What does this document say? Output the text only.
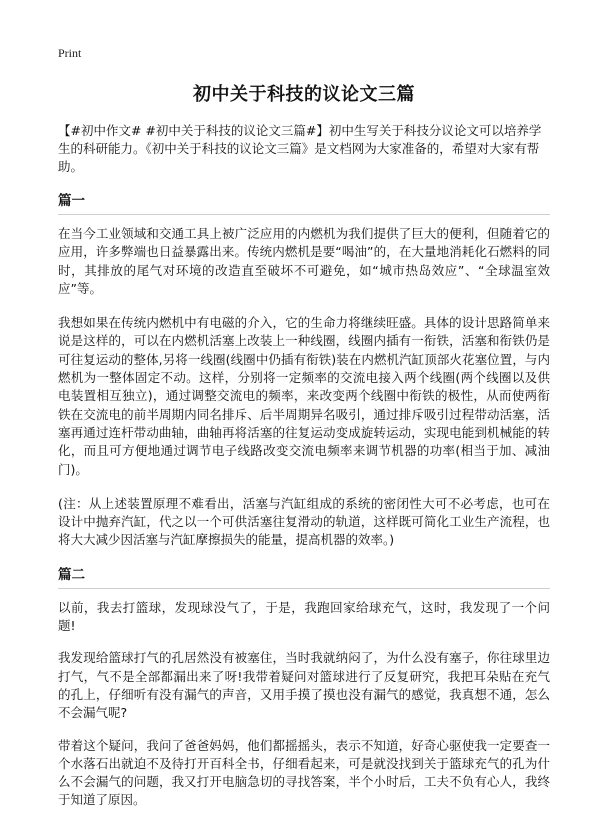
Print
初中关于科技的议论文三篇

【#初中作文# #初中关于科技的议论文三篇#】初中生写关于科技分议论文可以培养学生的科研能力。《初中关于科技的议论文三篇》是文档网为大家准备的，希望对大家有帮助。

篇一

在当今工业领域和交通工具上被广泛应用的内燃机为我们提供了巨大的便利，但随着它的应用，许多弊端也日益暴露出来。传统内燃机是要“喝油”的，在大量地消耗化石燃料的同时，其排放的尾气对环境的改造直至破坏不可避免，如“城市热岛效应”、“全球温室效应”等。

我想如果在传统内燃机中有电磁的介入，它的生命力将继续旺盛。具体的设计思路简单来说是这样的，可以在内燃机活塞上改装上一种线圈，线圈内插有一衔铁，活塞和衔铁仍是可往复运动的整体,另将一线圈(线圈中仍插有衔铁)装在内燃机汽缸顶部火花塞位置，与内燃机为一整体固定不动。这样，分别将一定频率的交流电接入两个线圈(两个线圈以及供电装置相互独立)，通过调整交流电的频率，来改变两个线圈中衔铁的极性，从而使两衔铁在交流电的前半周期内同名排斥、后半周期异名吸引，通过排斥吸引过程带动活塞，活塞再通过连杆带动曲轴，曲轴再将活塞的往复运动变成旋转运动，实现电能到机械能的转化，而且可方便地通过调节电子线路改变交流电频率来调节机器的功率(相当于加、减油门)。

(注：从上述装置原理不难看出，活塞与汽缸组成的系统的密闭性大可不必考虑，也可在设计中抛弃汽缸，代之以一个可供活塞往复滑动的轨道，这样既可简化工业生产流程，也将大大减少因活塞与汽缸摩擦损失的能量，提高机器的效率。)

篇二

以前，我去打篮球，发现球没气了，于是，我跑回家给球充气，这时，我发现了一个问题!

我发现给篮球打气的孔居然没有被塞住，当时我就纳闷了，为什么没有塞子，你往球里边打气，气不是全部都漏出来了呀!我带着疑问对篮球进行了反复研究，我把耳朵贴在充气的孔上，仔细听有没有漏气的声音，又用手摸了摸也没有漏气的感觉，我真想不通，怎么不会漏气呢?

带着这个疑问，我问了爸爸妈妈，他们都摇摇头，表示不知道，好奇心驱使我一定要查一个水落石出就迫不及待打开百科全书，仔细看起来，可是就没找到关于篮球充气的孔为什么不会漏气的问题，我又打开电脑急切的寻找答案，半个小时后，工夫不负有心人，我终于知道了原因。
